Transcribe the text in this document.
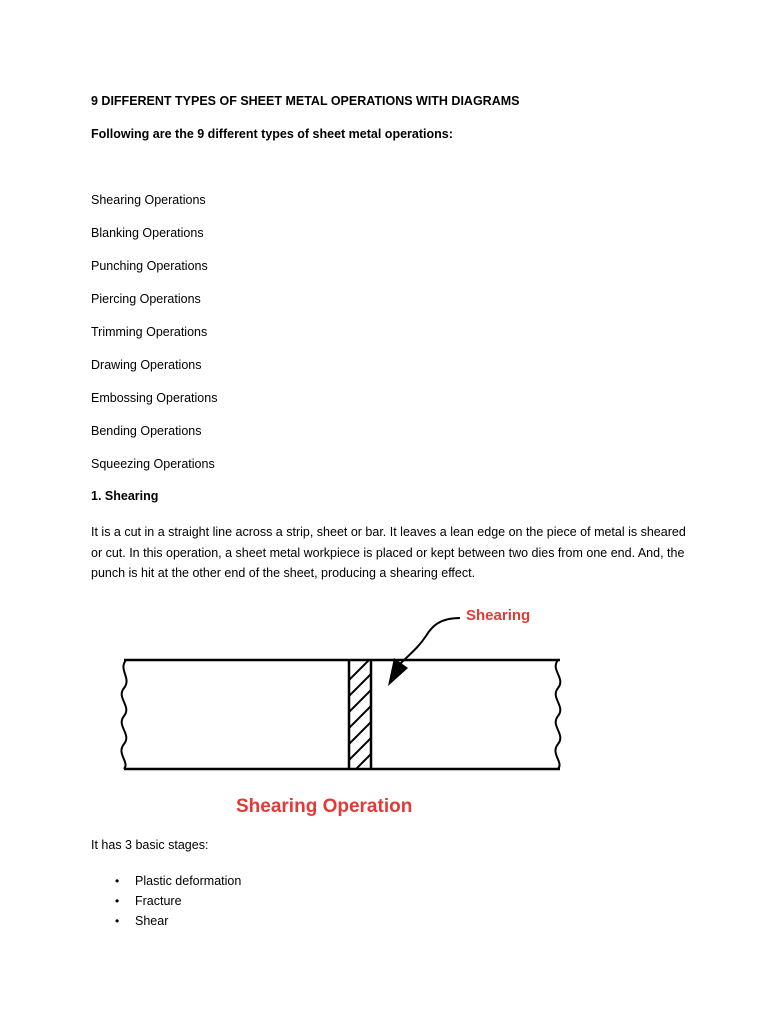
9 DIFFERENT TYPES OF SHEET METAL OPERATIONS WITH DIAGRAMS
Following are the 9 different types of sheet metal operations:
Shearing Operations
Blanking Operations
Punching Operations
Piercing Operations
Trimming Operations
Drawing Operations
Embossing Operations
Bending Operations
Squeezing Operations
1. Shearing
It is a cut in a straight line across a strip, sheet or bar. It leaves a lean edge on the piece of metal is sheared or cut. In this operation, a sheet metal workpiece is placed or kept between two dies from one end. And, the punch is hit at the other end of the sheet, producing a shearing effect.
Shearing
Shearing Operation
It has 3 basic stages:
•	Plastic deformation
•	Fracture
•	Shear
